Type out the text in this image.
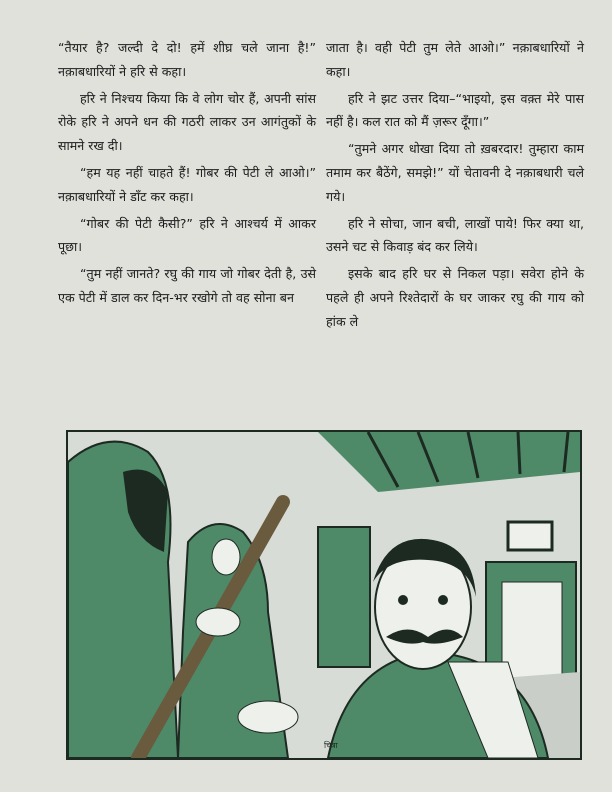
“तैयार है? जल्दी दे दो! हमें शीघ्र चले जाना है!” नक़ाबधारियों ने हरि से कहा।

हरि ने निश्चय किया कि वे लोग चोर हैं, अपनी सांस रोके हरि ने अपने धन की गठरी लाकर उन आगंतुकों के सामने रख दी।

“हम यह नहीं चाहते हैं! गोबर की पेटी ले आओ।” नक़ाबधारियों ने डाँट कर कहा।

“गोबर की पेटी कैसी?” हरि ने आश्चर्य में आकर पूछा।

“तुम नहीं जानते? रघु की गाय जो गोबर देती है, उसे एक पेटी में डाल कर दिन-भर रखोगे तो वह सोना बन

जाता है। वही पेटी तुम लेते आओ।” नक़ाबधारियों ने कहा।

हरि ने झट उत्तर दिया–“भाइयो, इस वक़्त मेरे पास नहीं है। कल रात को मैं ज़रूर दूँगा।”

“तुमने अगर धोखा दिया तो ख़बरदार! तुम्हारा काम तमाम कर बैठेंगे, समझे!” यों चेतावनी दे नक़ाबधारी चले गये।

हरि ने सोचा, जान बची, लाखों पाये! फिर क्या था, उसने चट से किवाड़ बंद कर लिये।

इसके बाद हरि घर से निकल पड़ा। सवेरा होने के पहले ही अपने रिश्तेदारों के घर जाकर रघु की गाय को हांक ले

चित्रा
